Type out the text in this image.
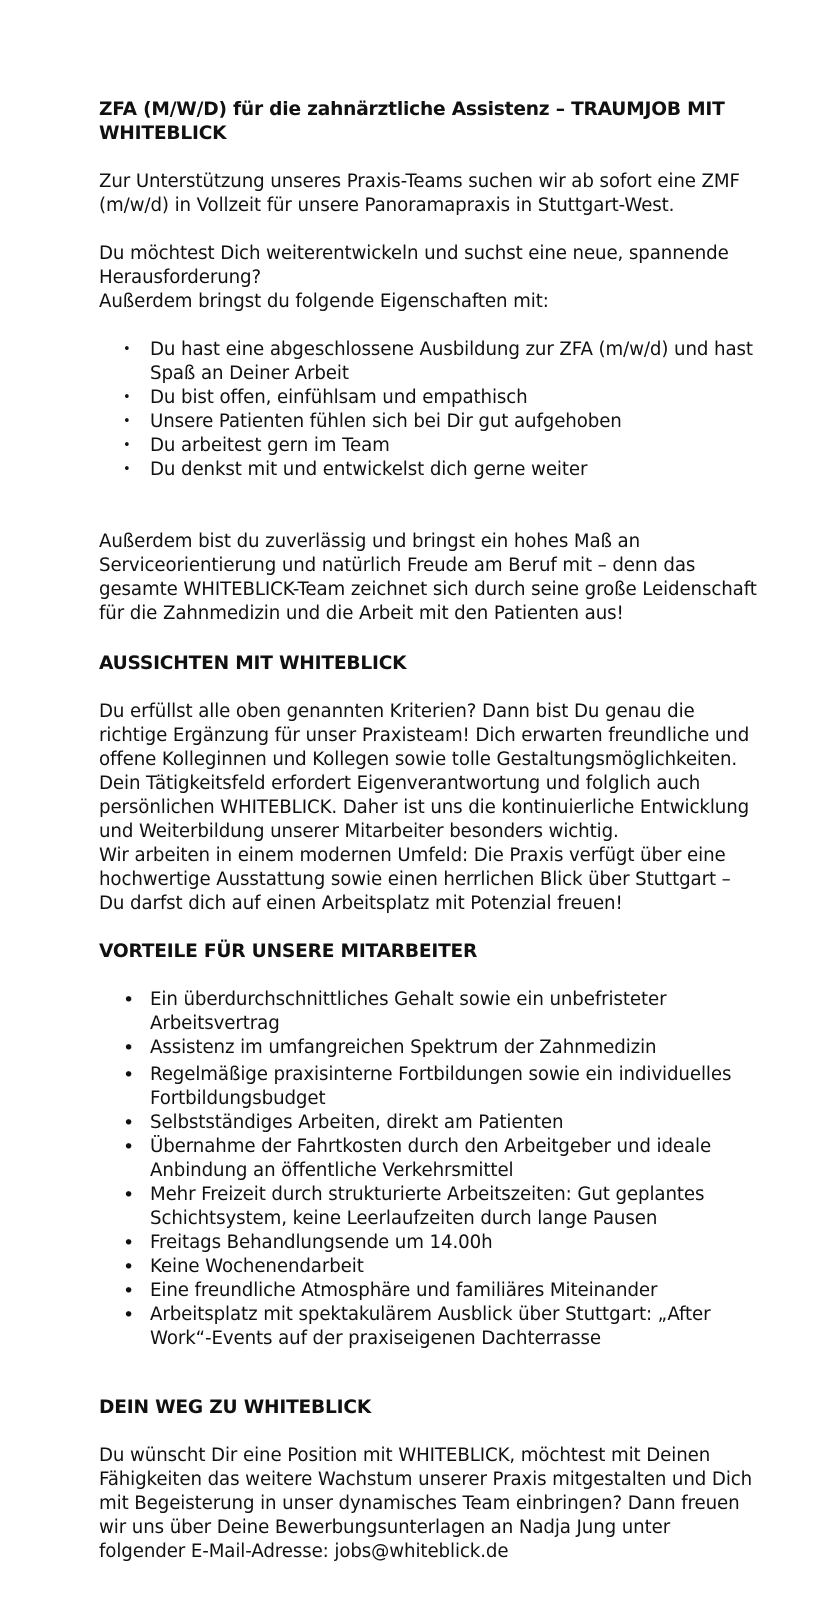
ZFA (M/W/D) für die zahnärztliche Assistenz – TRAUMJOB MIT WHITEBLICK

Zur Unterstützung unseres Praxis-Teams suchen wir ab sofort eine ZMF (m/w/d) in Vollzeit für unsere Panoramapraxis in Stuttgart-West.

Du möchtest Dich weiterentwickeln und suchst eine neue, spannende Herausforderung?

Außerdem bringst du folgende Eigenschaften mit:

• Du hast eine abgeschlossene Ausbildung zur ZFA (m/w/d) und hast Spaß an Deiner Arbeit
• Du bist offen, einfühlsam und empathisch
• Unsere Patienten fühlen sich bei Dir gut aufgehoben
• Du arbeitest gern im Team
• Du denkst mit und entwickelst dich gerne weiter

Außerdem bist du zuverlässig und bringst ein hohes Maß an Serviceorientierung und natürlich Freude am Beruf mit – denn das gesamte WHITEBLICK-Team zeichnet sich durch seine große Leidenschaft für die Zahnmedizin und die Arbeit mit den Patienten aus!

AUSSICHTEN MIT WHITEBLICK

Du erfüllst alle oben genannten Kriterien? Dann bist Du genau die richtige Ergänzung für unser Praxisteam! Dich erwarten freundliche und offene Kolleginnen und Kollegen sowie tolle Gestaltungsmöglichkeiten. Dein Tätigkeitsfeld erfordert Eigenverantwortung und folglich auch persönlichen WHITEBLICK. Daher ist uns die kontinuierliche Entwicklung und Weiterbildung unserer Mitarbeiter besonders wichtig.

Wir arbeiten in einem modernen Umfeld: Die Praxis verfügt über eine hochwertige Ausstattung sowie einen herrlichen Blick über Stuttgart – Du darfst dich auf einen Arbeitsplatz mit Potenzial freuen!

VORTEILE FÜR UNSERE MITARBEITER
• Ein überdurchschnittliches Gehalt sowie ein unbefristeter Arbeitsvertrag
• Assistenz im umfangreichen Spektrum der Zahnmedizin
• Regelmäßige praxisinterne Fortbildungen sowie ein individuelles Fortbildungsbudget
• Selbstständiges Arbeiten, direkt am Patienten
• Übernahme der Fahrtkosten durch den Arbeitgeber und ideale Anbindung an öffentliche Verkehrsmittel
• Mehr Freizeit durch strukturierte Arbeitszeiten: Gut geplantes Schichtsystem, keine Leerlaufzeiten durch lange Pausen
• Freitags Behandlungsende um 14.00h
• Keine Wochenendarbeit
• Eine freundliche Atmosphäre und familiäres Miteinander
• Arbeitsplatz mit spektakulärem Ausblick über Stuttgart: „After Work“-Events auf der praxiseigenen Dachterrasse
DEIN WEG ZU WHITEBLICK

Du wünscht Dir eine Position mit WHITEBLICK, möchtest mit Deinen Fähigkeiten das weitere Wachstum unserer Praxis mitgestalten und Dich mit Begeisterung in unser dynamisches Team einbringen? Dann freuen wir uns über Deine Bewerbungsunterlagen an Nadja Jung unter folgender E-Mail-Adresse: jobs@whiteblick.de
